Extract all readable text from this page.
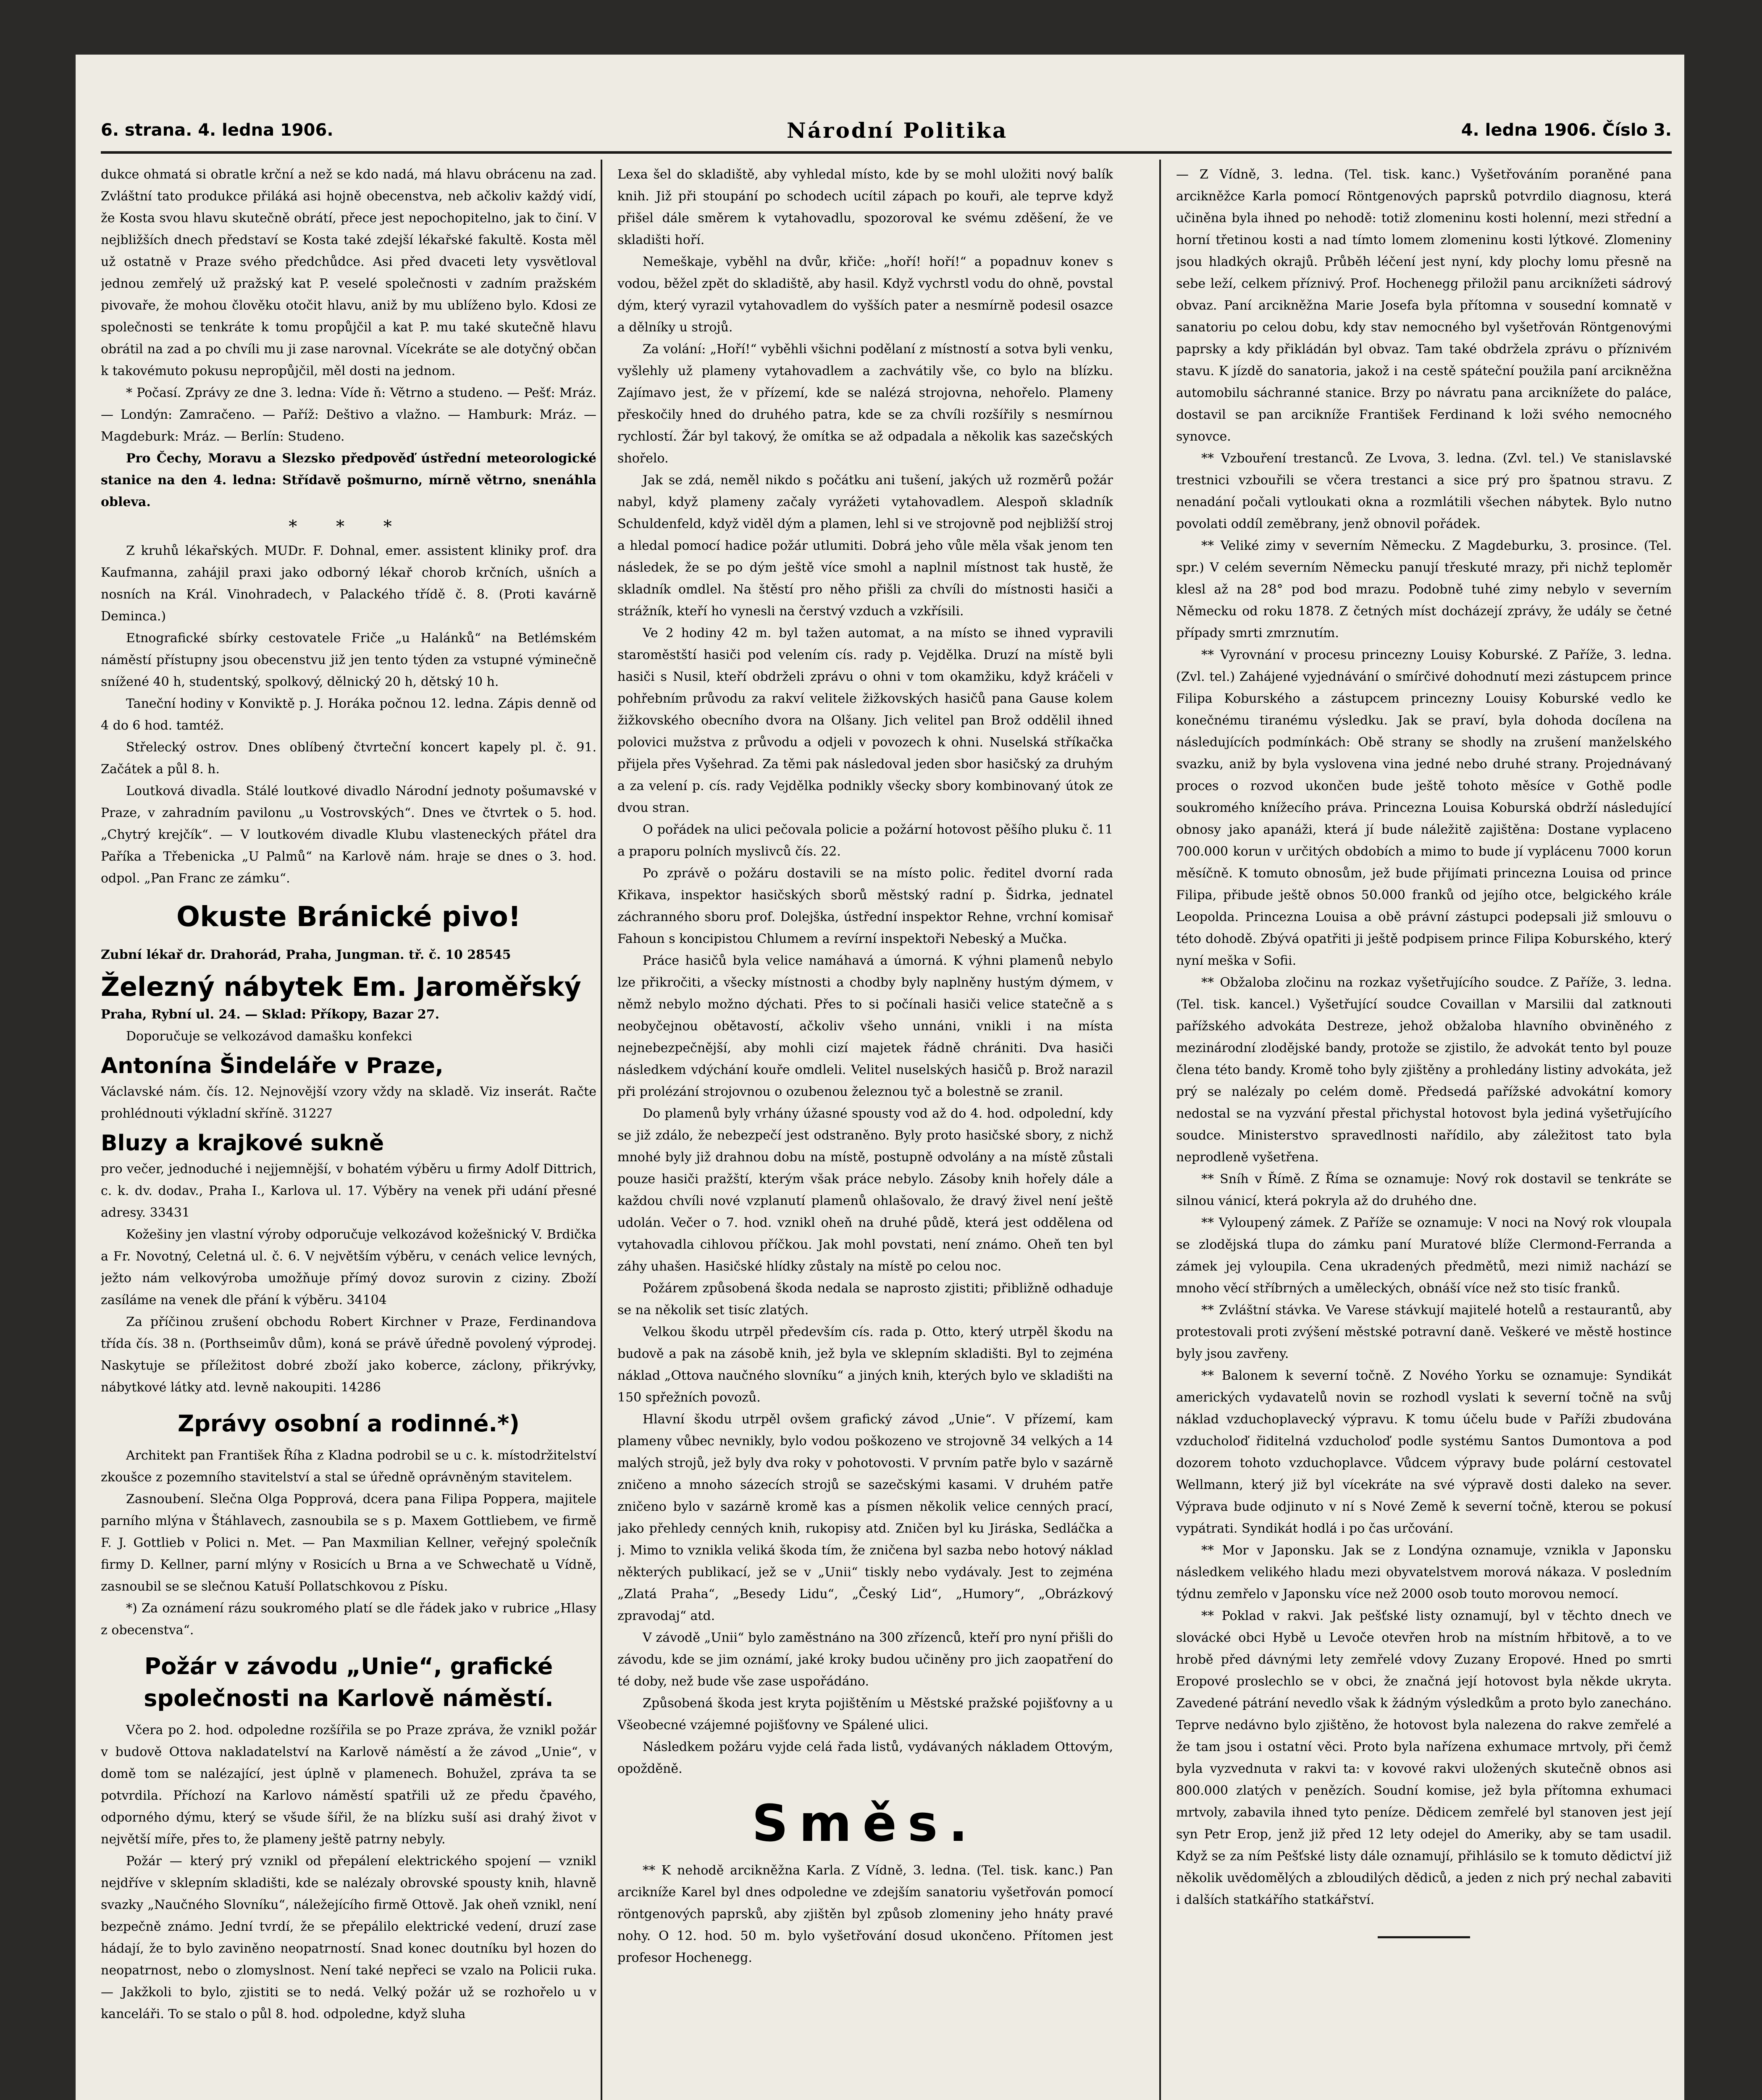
6. strana. 4. ledna 1906.	Národní Politika	4. ledna 1906. Číslo 3.

dukce ohmatá si obratle krční a než se kdo nadá, má hlavu obrácenu na zad. Zvláštní tato produkce přiláká asi hojně obecenstva, neb ačkoliv každý vidí, že Kosta svou hlavu skutečně obrátí, přece jest nepochopitelno, jak to činí. V nejbližších dnech představí se Kosta také zdejší lékařské fakultě. Kosta měl už ostatně v Praze svého předchůdce. Asi před dvaceti lety vysvětloval jednou zemřelý už pražský kat P. veselé společnosti v zadním pražském pivovaře, že mohou člověku otočit hlavu, aniž by mu ublíženo bylo. Kdosi ze společnosti se tenkráte k tomu propůjčil a kat P. mu také skutečně hlavu obrátil na zad a po chvíli mu ji zase narovnal. Vícekráte se ale dotyčný občan k takovémuto pokusu nepropůjčil, měl dosti na jednom.

* Počasí. Zprávy ze dne 3. ledna: Víde ň: Větrno a studeno. — Pešť: Mráz. — Londýn: Zamračeno. — Paříž: Deštivo a vlažno. — Hamburk: Mráz. — Magdeburk: Mráz. — Berlín: Studeno.

Pro Čechy, Moravu a Slezsko předpověď ústřední meteorologické stanice na den 4. ledna: Střídavě pošmurno, mírně větrno, snenáhla obleva.

* * *

Z kruhů lékařských. MUDr. F. Dohnal, emer. assistent kliniky prof. dra Kaufmanna, zahájil praxi jako odborný lékař chorob krčních, ušních a nosních na Král. Vinohradech, v Palackého třídě č. 8. (Proti kavárně Deminca.)

Etnografické sbírky cestovatele Friče „u Halánků“ na Betlémském náměstí přístupny jsou obecenstvu již jen tento týden za vstupné výminečně snížené 40 h, studentský, spolkový, dělnický 20 h, dětský 10 h.

Taneční hodiny v Konviktě p. J. Horáka počnou 12. ledna. Zápis denně od 4 do 6 hod. tamtéž.

Střelecký ostrov. Dnes oblíbený čtvrteční koncert kapely pl. č. 91. Začátek a půl 8. h.

Loutková divadla. Stálé loutkové divadlo Národní jednoty pošumavské v Praze, v zahradním pavilonu „u Vostrovských“. Dnes ve čtvrtek o 5. hod. „Chytrý krejčík“. — V loutkovém divadle Klubu vlasteneckých přátel dra Paříka a Třebenicka „U Palmů“ na Karlově nám. hraje se dnes o 3. hod. odpol. „Pan Franc ze zámku“.

Okuste Bránické pivo!

Zubní lékař dr. Drahorád, Praha, Jungman. tř. č. 10 28545

Železný nábytek Em. Jaroměřský

Praha, Rybní ul. 24. — Sklad: Příkopy, Bazar 27.

Doporučuje se velkozávod damašku konfekci

Antonína Šindeláře v Praze,

Václavské nám. čís. 12. Nejnovější vzory vždy na skladě. Viz inserát. Račte prohlédnouti výkladní skříně. 31227

Bluzy a krajkové sukně

pro večer, jednoduché i nejjemnější, v bohatém výběru u firmy Adolf Dittrich, c. k. dv. dodav., Praha I., Karlova ul. 17. Výběry na venek při udání přesné adresy. 33431

Kožešiny jen vlastní výroby odporučuje velkozávod kožešnický V. Brdička a Fr. Novotný, Celetná ul. č. 6. V největším výběru, v cenách velice levných, ježto nám velkovýroba umožňuje přímý dovoz surovin z ciziny. Zboží zasíláme na venek dle přání k výběru. 34104

Za příčinou zrušení obchodu Robert Kirchner v Praze, Ferdinandova třída čís. 38 n. (Porthseimův dům), koná se právě úředně povolený výprodej. Naskytuje se příležitost dobré zboží jako koberce, záclony, přikrývky, nábytkové látky atd. levně nakoupiti. 14286

Zprávy osobní a rodinné.*)

Architekt pan František Říha z Kladna podrobil se u c. k. místodržitelství zkoušce z pozemního stavitelství a stal se úředně oprávněným stavitelem.

Zasnoubení. Slečna Olga Popprová, dcera pana Filipa Poppera, majitele parního mlýna v Štáhlavech, zasnoubila se s p. Maxem Gottliebem, ve firmě F. J. Gottlieb v Polici n. Met. — Pan Maxmilian Kellner, veřejný společník firmy D. Kellner, parní mlýny v Rosicích u Brna a ve Schwechatě u Vídně, zasnoubil se se slečnou Katuší Pollatschkovou z Písku.

*) Za oznámení rázu soukromého platí se dle řádek jako v rubrice „Hlasy z obecenstva“.

Požár v závodu „Unie“, grafické společnosti na Karlově náměstí.

Včera po 2. hod. odpoledne rozšířila se po Praze zpráva, že vznikl požár v budově Ottova nakladatelství na Karlově náměstí a že závod „Unie“, v domě tom se nalézající, jest úplně v plamenech. Bohužel, zpráva ta se potvrdila. Příchozí na Karlovo náměstí spatřili už ze předu čpavého, odporného dýmu, který se všude šířil, že na blízku suší asi drahý život v největší míře, přes to, že plameny ještě patrny nebyly.

Požár — který prý vznikl od přepálení elektrického spojení — vznikl nejdříve v sklepním skladišti, kde se nalézaly obrovské spousty knih, hlavně svazky „Naučného Slovníku“, náležejícího firmě Ottově. Jak oheň vznikl, není bezpečně známo. Jední tvrdí, že se přepálilo elektrické vedení, druzí zase hádají, že to bylo zaviněno neopatrností. Snad konec doutníku byl hozen do neopatrnost, nebo o zlomyslnost. Není také nepřeci se vzalo na Policii ruka. — Jakžkoli to bylo, zjistiti se to nedá. Velký požár už se rozhořelo u v kanceláři. To se stalo o půl 8. hod. odpoledne, když sluha

Lexa šel do skladiště, aby vyhledal místo, kde by se mohl uložiti nový balík knih. Již při stoupání po schodech ucítil zápach po kouři, ale teprve když přišel dále směrem k vytahovadlu, spozoroval ke svému zděšení, že ve skladišti hoří.

Nemeškaje, vyběhl na dvůr, křiče: „hoří! hoří!“ a popadnuv konev s vodou, běžel zpět do skladiště, aby hasil. Když vychrstl vodu do ohně, povstal dým, který vyrazil vytahovadlem do vyšších pater a nesmírně podesil osazce a dělníky u strojů.

Za volání: „Hoří!“ vyběhli všichni podělaní z místností a sotva byli venku, vyšlehly už plameny vytahovadlem a zachvátily vše, co bylo na blízku. Zajímavo jest, že v přízemí, kde se nalézá strojovna, nehořelo. Plameny přeskočily hned do druhého patra, kde se za chvíli rozšířily s nesmírnou rychlostí. Žár byl takový, že omítka se až odpadala a několik kas sazečských shořelo.

Jak se zdá, neměl nikdo s počátku ani tušení, jakých už rozměrů požár nabyl, když plameny začaly vyrážeti vytahovadlem. Alespoň skladník Schuldenfeld, když viděl dým a plamen, lehl si ve strojovně pod nejbližší stroj a hledal pomocí hadice požár utlumiti. Dobrá jeho vůle měla však jenom ten následek, že se po dým ještě více smohl a naplnil místnost tak hustě, že skladník omdlel. Na štěstí pro něho přišli za chvíli do místnosti hasiči a strážník, kteří ho vynesli na čerstvý vzduch a vzkřísili.

Ve 2 hodiny 42 m. byl tažen automat, a na místo se ihned vypravili staroměstští hasiči pod velením cís. rady p. Vejdělka. Druzí na místě byli hasiči s Nusil, kteří obdrželi zprávu o ohni v tom okamžiku, když kráčeli v pohřebním průvodu za rakví velitele žižkovských hasičů pana Gause kolem žižkovského obecního dvora na Olšany. Jich velitel pan Brož oddělil ihned polovici mužstva z průvodu a odjeli v povozech k ohni. Nuselská stříkačka přijela přes Vyšehrad. Za těmi pak následoval jeden sbor hasičský za druhým a za velení p. cís. rady Vejdělka podnikly všecky sbory kombinovaný útok ze dvou stran.

O pořádek na ulici pečovala policie a požární hotovost pěšího pluku č. 11 a praporu polních myslivců čís. 22.

Po zprávě o požáru dostavili se na místo polic. ředitel dvorní rada Křikava, inspektor hasičských sborů městský radní p. Šidrka, jednatel záchranného sboru prof. Dolejška, ústřední inspektor Rehne, vrchní komisař Fahoun s koncipistou Chlumem a revírní inspektoři Nebeský a Mučka.

Práce hasičů byla velice namáhavá a úmorná. K výhni plamenů nebylo lze přikročiti, a všecky místnosti a chodby byly naplněny hustým dýmem, v němž nebylo možno dýchati. Přes to si počínali hasiči velice statečně a s neobyčejnou obětavostí, ačkoliv všeho unnáni, vnikli i na místa nejnebezpečnější, aby mohli cizí majetek řádně chrániti. Dva hasiči následkem vdýchání kouře omdleli. Velitel nuselských hasičů p. Brož narazil při prolézání strojovnou o ozubenou železnou tyč a bolestně se zranil.

Do plamenů byly vrhány úžasné spousty vod až do 4. hod. odpolední, kdy se již zdálo, že nebezpečí jest odstraněno. Byly proto hasičské sbory, z nichž mnohé byly již drahnou dobu na místě, postupně odvolány a na místě zůstali pouze hasiči pražští, kterým však práce nebylo. Zásoby knih hořely dále a každou chvíli nové vzplanutí plamenů ohlašovalo, že dravý živel není ještě udolán. Večer o 7. hod. vznikl oheň na druhé půdě, která jest oddělena od vytahovadla cihlovou příčkou. Jak mohl povstati, není známo. Oheň ten byl záhy uhašen. Hasičské hlídky zůstaly na místě po celou noc.

Požárem způsobená škoda nedala se naprosto zjistiti; přibližně odhaduje se na několik set tisíc zlatých.

Velkou škodu utrpěl především cís. rada p. Otto, který utrpěl škodu na budově a pak na zásobě knih, jež byla ve sklepním skladišti. Byl to zejména náklad „Ottova naučného slovníku“ a jiných knih, kterých bylo ve skladišti na 150 spřežních povozů.

Hlavní škodu utrpěl ovšem grafický závod „Unie“. V přízemí, kam plameny vůbec nevnikly, bylo vodou poškozeno ve strojovně 34 velkých a 14 malých strojů, jež byly dva roky v pohotovosti. V prvním patře bylo v sazárně zničeno a mnoho sázecích strojů se sazečskými kasami. V druhém patře zničeno bylo v sazárně kromě kas a písmen několik velice cenných prací, jako přehledy cenných knih, rukopisy atd. Zničen byl ku Jiráska, Sedláčka a j. Mimo to vznikla veliká škoda tím, že zničena byl sazba nebo hotový náklad některých publikací, jež se v „Unii“ tiskly nebo vydávaly. Jest to zejména „Zlatá Praha“, „Besedy Lidu“, „Český Lid“, „Humory“, „Obrázkový zpravodaj“ atd.

V závodě „Unii“ bylo zaměstnáno na 300 zřízenců, kteří pro nyní přišli do závodu, kde se jim oznámí, jaké kroky budou učiněny pro jich zaopatření do té doby, než bude vše zase uspořádáno.

Způsobená škoda jest kryta pojištěním u Městské pražské pojišťovny a u Všeobecné vzájemné pojišťovny ve Spálené ulici.

Následkem požáru vyjde celá řada listů, vydávaných nákladem Ottovým, opožděně.

Směs.

** K nehodě arcikněžna Karla. Z Vídně, 3. ledna. (Tel. tisk. kanc.) Pan arcikníže Karel byl dnes odpoledne ve zdejším sanatoriu vyšetřován pomocí röntgenových paprsků, aby zjištěn byl způsob zlomeniny jeho hnáty pravé nohy. O 12. hod. 50 m. bylo vyšetřování dosud ukončeno. Přítomen jest profesor Hochenegg.

— Z Vídně, 3. ledna. (Tel. tisk. kanc.) Vyšetřováním poraněné pana arcikněžce Karla pomocí Röntgenových paprsků potvrdilo diagnosu, která učiněna byla ihned po nehodě: totiž zlomeninu kosti holenní, mezi střední a horní třetinou kosti a nad tímto lomem zlomeninu kosti lýtkové. Zlomeniny jsou hladkých okrajů. Průběh léčení jest nyní, kdy plochy lomu přesně na sebe leží, celkem příznivý. Prof. Hochenegg přiložil panu arciknížeti sádrový obvaz. Paní arcikněžna Marie Josefa byla přítomna v sousední komnatě v sanatoriu po celou dobu, kdy stav nemocného byl vyšetřován Röntgenovými paprsky a kdy přikládán byl obvaz. Tam také obdržela zprávu o příznivém stavu. K jízdě do sanatoria, jakož i na cestě spáteční použila paní arcikněžna automobilu sáchranné stanice. Brzy po návratu pana arciknížete do paláce, dostavil se pan arcikníže František Ferdinand k loži svého nemocného synovce.

** Vzbouření trestanců. Ze Lvova, 3. ledna. (Zvl. tel.) Ve stanislavské trestnici vzbouřili se včera trestanci a sice prý pro špatnou stravu. Z nenadání počali vytloukati okna a rozmlátili všechen nábytek. Bylo nutno povolati oddíl zeměbrany, jenž obnovil pořádek.

** Veliké zimy v severním Německu. Z Magdeburku, 3. prosince. (Tel. spr.) V celém severním Německu panují třeskuté mrazy, při nichž teploměr klesl až na 28° pod bod mrazu. Podobně tuhé zimy nebylo v severním Německu od roku 1878. Z četných míst docházejí zprávy, že udály se četné případy smrti zmrznutím.

** Vyrovnání v procesu princezny Louisy Koburské. Z Paříže, 3. ledna. (Zvl. tel.) Zahájené vyjednávání o smírčivé dohodnutí mezi zástupcem prince Filipa Koburského a zástupcem princezny Louisy Koburské vedlo ke konečnému tiranému výsledku. Jak se praví, byla dohoda docílena na následujících podmínkách: Obě strany se shodly na zrušení manželského svazku, aniž by byla vyslovena vina jedné nebo druhé strany. Projednávaný proces o rozvod ukončen bude ještě tohoto měsíce v Gothě podle soukromého knížecího práva. Princezna Louisa Koburská obdrží následující obnosy jako apanáži, která jí bude náležitě zajištěna: Dostane vyplaceno 700.000 korun v určitých obdobích a mimo to bude jí vyplácenu 7000 korun měsíčně. K tomuto obnosům, jež bude přijímati princezna Louisa od prince Filipa, přibude ještě obnos 50.000 franků od jejího otce, belgického krále Leopolda. Princezna Louisa a obě právní zástupci podepsali již smlouvu o této dohodě. Zbývá opatřiti ji ještě podpisem prince Filipa Koburského, který nyní meška v Sofii.

** Obžaloba zločinu na rozkaz vyšetřujícího soudce. Z Paříže, 3. ledna. (Tel. tisk. kancel.) Vyšetřující soudce Covaillan v Marsilii dal zatknouti pařížského advokáta Destreze, jehož obžaloba hlavního obviněného z mezinárodní zlodějské bandy, protože se zjistilo, že advokát tento byl pouze člena této bandy. Kromě toho byly zjištěny a prohledány listiny advokáta, jež prý se nalézaly po celém domě. Předsedá pařížské advokátní komory nedostal se na vyzvání přestal přichystal hotovost byla jediná vyšetřujícího soudce. Ministerstvo spravedlnosti nařídilo, aby záležitost tato byla neprodleně vyšetřena.

** Sníh v Římě. Z Říma se oznamuje: Nový rok dostavil se tenkráte se silnou vánicí, která pokryla až do druhého dne.

** Vyloupený zámek. Z Paříže se oznamuje: V noci na Nový rok vloupala se zlodějská tlupa do zámku paní Muratové blíže Clermond-Ferranda a zámek jej vyloupila. Cena ukradených předmětů, mezi nimiž nachází se mnoho věcí stříbrných a uměleckých, obnáší více než sto tisíc franků.

** Zvláštní stávka. Ve Varese stávkují majitelé hotelů a restaurantů, aby protestovali proti zvýšení městské potravní daně. Veškeré ve městě hostince byly jsou zavřeny.

** Balonem k severní točně. Z Nového Yorku se oznamuje: Syndikát amerických vydavatelů novin se rozhodl vyslati k severní točně na svůj náklad vzduchoplavecký výpravu. K tomu účelu bude v Paříži zbudována vzducholoď řiditelná vzducholoď podle systému Santos Dumontova a pod dozorem tohoto vzduchoplavce. Vůdcem výpravy bude polární cestovatel Wellmann, který již byl vícekráte na své výpravě dosti daleko na sever. Výprava bude odjinuto v ní s Nové Země k severní točně, kterou se pokusí vypátrati. Syndikát hodlá i po čas určování.

** Mor v Japonsku. Jak se z Londýna oznamuje, vznikla v Japonsku následkem velikého hladu mezi obyvatelstvem morová nákaza. V posledním týdnu zemřelo v Japonsku více než 2000 osob touto morovou nemocí.

** Poklad v rakvi. Jak pešťské listy oznamují, byl v těchto dnech ve slovácké obci Hybě u Levoče otevřen hrob na místním hřbitově, a to ve hrobě před dávnými lety zemřelé vdovy Zuzany Eropové. Hned po smrti Eropové proslechlo se v obci, že značná její hotovost byla někde ukryta. Zavedené pátrání nevedlo však k žádným výsledkům a proto bylo zanecháno. Teprve nedávno bylo zjištěno, že hotovost byla nalezena do rakve zemřelé a že tam jsou i ostatní věci. Proto byla nařízena exhumace mrtvoly, při čemž byla vyzvednuta v rakvi ta: v kovové rakvi uložených skutečně obnos asi 800.000 zlatých v penězích. Soudní komise, jež byla přítomna exhumaci mrtvoly, zabavila ihned tyto peníze. Dědicem zemřelé byl stanoven jest její syn Petr Erop, jenž již před 12 lety odejel do Ameriky, aby se tam usadil. Když se za ním Pešťské listy dále oznamují, přihlásilo se k tomuto dědictví již několik uvědomělých a zbloudilých dědiců, a jeden z nich prý nechal zabaviti i dalších statkářího statkářství.
